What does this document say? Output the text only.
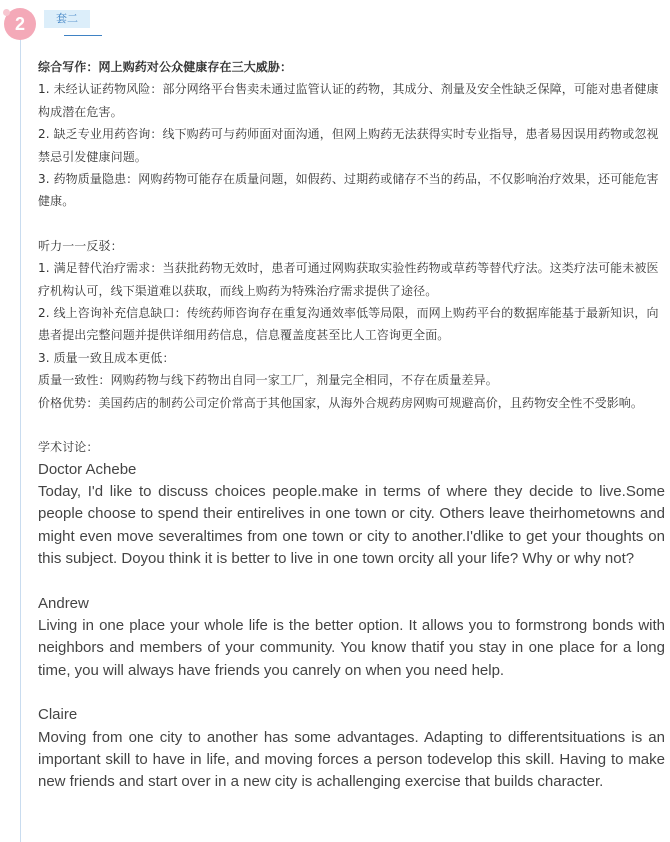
2	套二

综合写作：网上购药对公众健康存在三大威胁：

1. 未经认证药物风险：部分网络平台售卖未通过监管认证的药物，其成分、剂量及安全性缺乏保障，可能对患者健康构成潜在危害。

2. 缺乏专业用药咨询：线下购药可与药师面对面沟通，但网上购药无法获得实时专业指导，患者易因误用药物或忽视禁忌引发健康问题。

3. 药物质量隐患：网购药物可能存在质量问题，如假药、过期药或储存不当的药品，不仅影响治疗效果，还可能危害健康。

听力一一反驳：

1. 满足替代治疗需求：当获批药物无效时，患者可通过网购获取实验性药物或草药等替代疗法。这类疗法可能未被医疗机构认可，线下渠道难以获取，而线上购药为特殊治疗需求提供了途径。

2. 线上咨询补充信息缺口：传统药师咨询存在重复沟通效率低等局限，而网上购药平台的数据库能基于最新知识，向患者提出完整问题并提供详细用药信息，信息覆盖度甚至比人工咨询更全面。

3. 质量一致且成本更低：

质量一致性：网购药物与线下药物出自同一家工厂，剂量完全相同，不存在质量差异。

价格优势：美国药店的制药公司定价常高于其他国家，从海外合规药房网购可规避高价，且药物安全性不受影响。

学术讨论：

Doctor Achebe

Today, I'd like to discuss choices people.make in terms of where they decide to live.Some people choose to spend their entirelives in one town or city. Others leave theirhometowns and might even move severaltimes from one town or city to another.I'dlike to get your thoughts on this subject. Doyou think it is better to live in one town orcity all your life? Why or why not?

Andrew

Living in one place your whole life is the better option. It allows you to formstrong bonds with neighbors and members of your community. You know thatif you stay in one place for a long time, you will always have friends you canrely on when you need help.

Claire

Moving from one city to another has some advantages. Adapting to differentsituations is an important skill to have in life, and moving forces a person todevelop this skill. Having to make new friends and start over in a new city is achallenging exercise that builds character.
